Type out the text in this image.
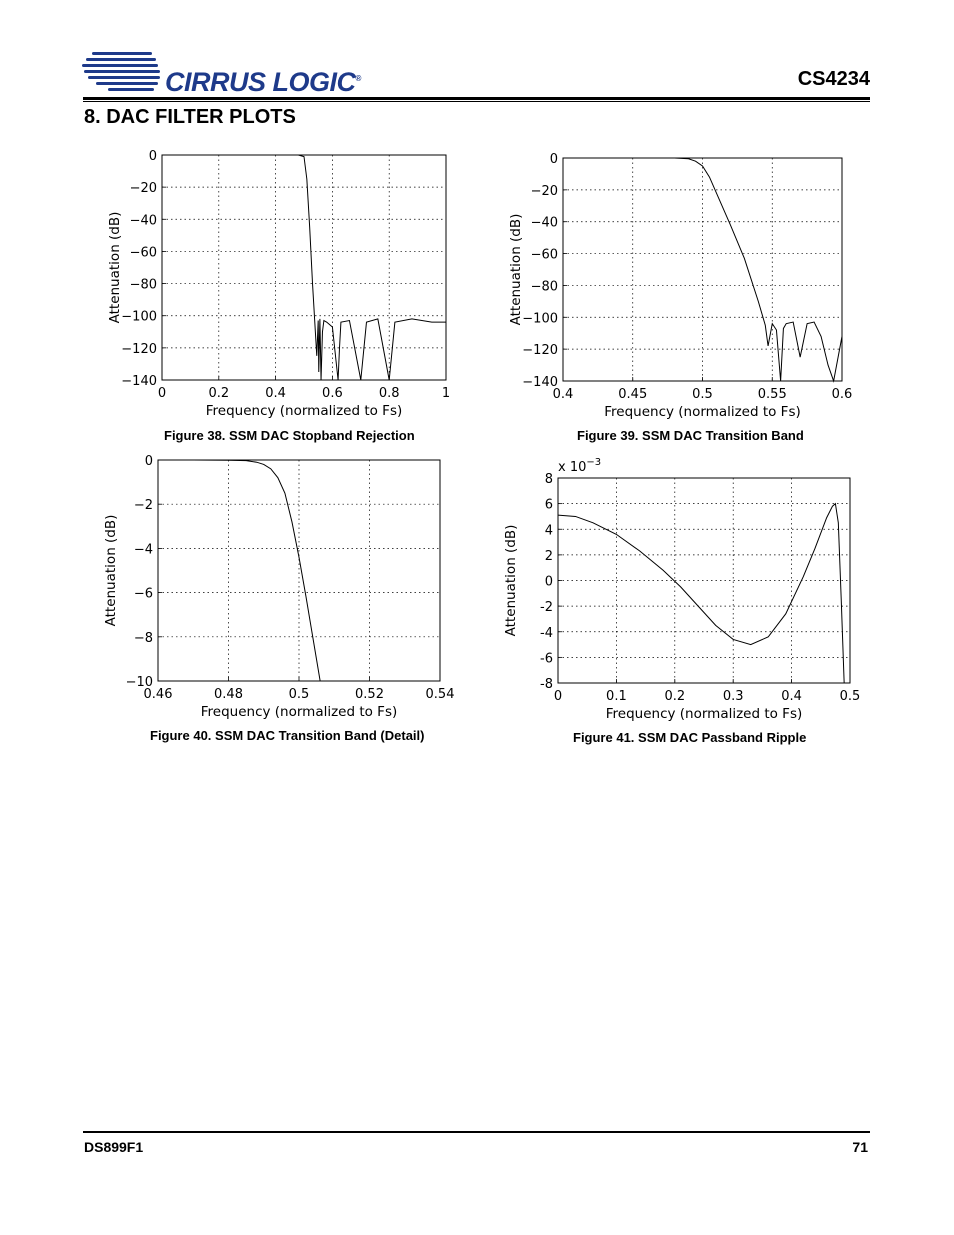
CIRRUS LOGIC®	CS4234
8. DAC FILTER PLOTS
0	0.2	0.4	0.6	0.8	1
0
−20
−40
−60
−80
−100
−120
−140
Frequency (normalized to Fs)
Attenuation (dB)
Figure 38. SSM DAC Stopband Rejection
0.4	0.45	0.5	0.55	0.6
0
−20
−40
−60
−80
−100
−120
−140
Frequency (normalized to Fs)
Attenuation (dB)
Figure 39. SSM DAC Transition Band
0.46	0.48	0.5	0.52	0.54
0
−2
−4
−6
−8
−10
Frequency (normalized to Fs)
Attenuation (dB)
Figure 40. SSM DAC Transition Band (Detail)
0	0.1	0.2	0.3	0.4	0.5
8
6
4
2
0
-2
-4
-6
-8
Frequency (normalized to Fs)
Attenuation (dB)
x $10^{-3}$
Figure 41. SSM DAC Passband Ripple
DS899F1	71
